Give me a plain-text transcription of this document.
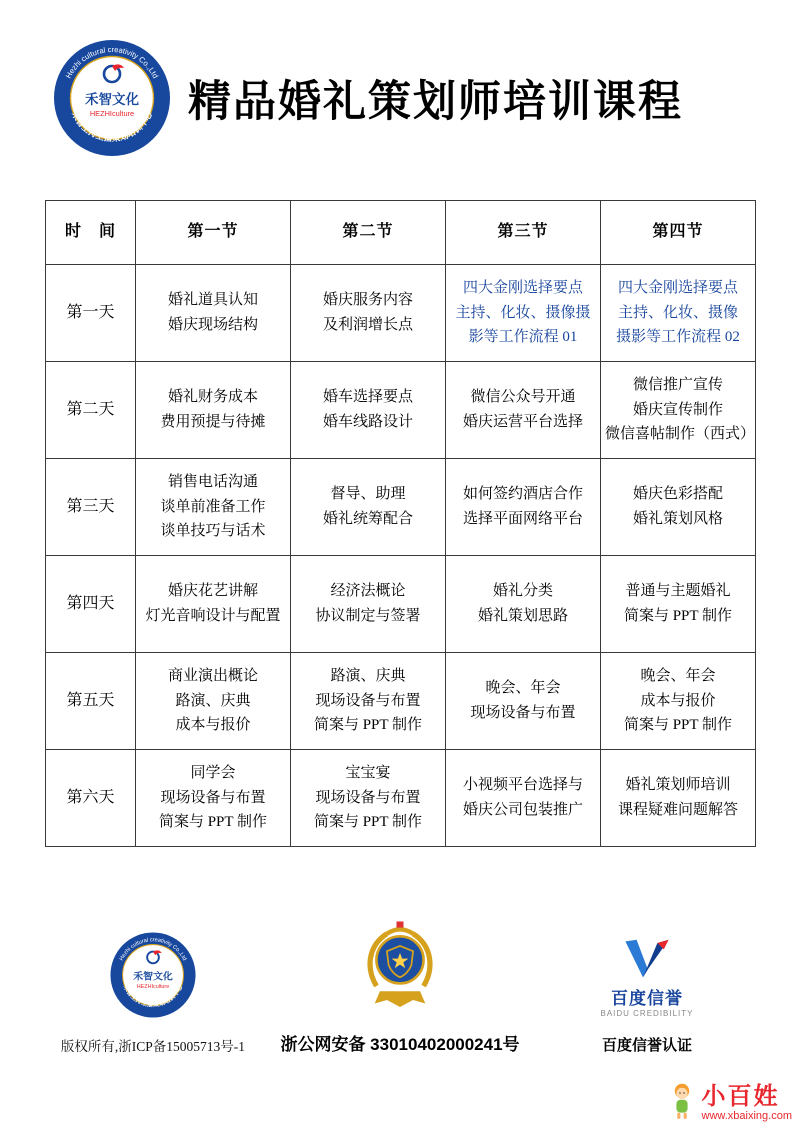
精品婚礼策划师培训课程
时　间	第一节	第二节	第三节	第四节
第一天	婚礼道具认知
婚庆现场结构	婚庆服务内容
及利润增长点	四大金刚选择要点
主持、化妆、摄像摄
影等工作流程 01	四大金刚选择要点
主持、化妆、摄像
摄影等工作流程 02
第二天	婚礼财务成本
费用预提与待摊	婚车选择要点
婚车线路设计	微信公众号开通
婚庆运营平台选择	微信推广宣传
婚庆宣传制作
微信喜帖制作（西式）
第三天	销售电话沟通
谈单前准备工作
谈单技巧与话术	督导、助理
婚礼统筹配合	如何签约酒店合作
选择平面网络平台	婚庆色彩搭配
婚礼策划风格
第四天	婚庆花艺讲解
灯光音响设计与配置	经济法概论
协议制定与签署	婚礼分类
婚礼策划思路	普通与主题婚礼
简案与 PPT 制作
第五天	商业演出概论
路演、庆典
成本与报价	路演、庆典
现场设备与布置
简案与 PPT 制作	晚会、年会
现场设备与布置	晚会、年会
成本与报价
简案与 PPT 制作
第六天	同学会
现场设备与布置
简案与 PPT 制作	宝宝宴
现场设备与布置
简案与 PPT 制作	小视频平台选择与
婚庆公司包装推广	婚礼策划师培训
课程疑难问题解答
版权所有,浙ICP备15005713号-1 浙公网安备 33010402000241号
百度信誉
BAIDU CREDIBILITY
百度信誉认证
小百姓
www.xbaixing.com
